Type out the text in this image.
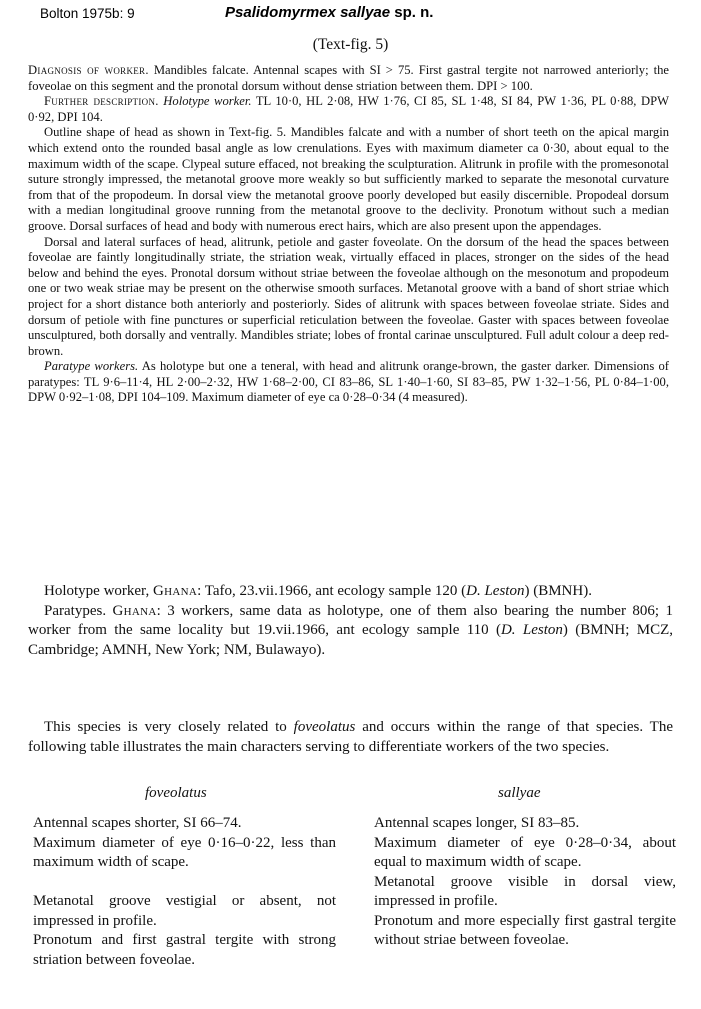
Bolton 1975b: 9	Psalidomyrmex sallyae sp. n.
(Text-fig. 5)

Diagnosis of worker. Mandibles falcate. Antennal scapes with SI > 75. First gastral tergite not narrowed anteriorly; the foveolae on this segment and the pronotal dorsum without dense striation between them. DPI > 100.

Further description. Holotype worker. TL 10·0, HL 2·08, HW 1·76, CI 85, SL 1·48, SI 84, PW 1·36, PL 0·88, DPW 0·92, DPI 104.

Outline shape of head as shown in Text-fig. 5. Mandibles falcate and with a number of short teeth on the apical margin which extend onto the rounded basal angle as low crenulations. Eyes with maximum diameter ca 0·30, about equal to the maximum width of the scape. Clypeal suture effaced, not breaking the sculpturation. Alitrunk in profile with the promesonotal suture strongly impressed, the metanotal groove more weakly so but sufficiently marked to separate the mesonotal curvature from that of the propodeum. In dorsal view the metanotal groove poorly developed but easily discernible. Propodeal dorsum with a median longitudinal groove running from the metanotal groove to the declivity. Pronotum without such a median groove. Dorsal surfaces of head and body with numerous erect hairs, which are also present upon the appendages.

Dorsal and lateral surfaces of head, alitrunk, petiole and gaster foveolate. On the dorsum of the head the spaces between foveolae are faintly longitudinally striate, the striation weak, virtually effaced in places, stronger on the sides of the head below and behind the eyes. Pronotal dorsum without striae between the foveolae although on the mesonotum and propodeum one or two weak striae may be present on the otherwise smooth surfaces. Metanotal groove with a band of short striae which project for a short distance both anteriorly and posteriorly. Sides of alitrunk with spaces between foveolae striate. Sides and dorsum of petiole with fine punctures or superficial reticulation between the foveolae. Gaster with spaces between foveolae unsculptured, both dorsally and ventrally. Mandibles striate; lobes of frontal carinae unsculptured. Full adult colour a deep red-brown.

Paratype workers. As holotype but one a teneral, with head and alitrunk orange-brown, the gaster darker. Dimensions of paratypes: TL 9·6–11·4, HL 2·00–2·32, HW 1·68–2·00, CI 83–86, SL 1·40–1·60, SI 83–85, PW 1·32–1·56, PL 0·84–1·00, DPW 0·92–1·08, DPI 104–109. Maximum diameter of eye ca 0·28–0·34 (4 measured).

Holotype worker, Ghana: Tafo, 23.vii.1966, ant ecology sample 120 (D. Leston) (BMNH).

Paratypes. Ghana: 3 workers, same data as holotype, one of them also bearing the number 806; 1 worker from the same locality but 19.vii.1966, ant ecology sample 110 (D. Leston) (BMNH; MCZ, Cambridge; AMNH, New York; NM, Bulawayo).

This species is very closely related to foveolatus and occurs within the range of that species. The following table illustrates the main characters serving to differentiate workers of the two species.

foveolatus	sallyae

Antennal scapes shorter, SI 66–74.

Maximum diameter of eye 0·16–0·22, less than maximum width of scape.

Metanotal groove vestigial or absent, not impressed in profile.

Pronotum and first gastral tergite with strong striation between foveolae.

Antennal scapes longer, SI 83–85.

Maximum diameter of eye 0·28–0·34, about equal to maximum width of scape.

Metanotal groove visible in dorsal view, impressed in profile.

Pronotum and more especially first gastral tergite without striae between foveolae.
